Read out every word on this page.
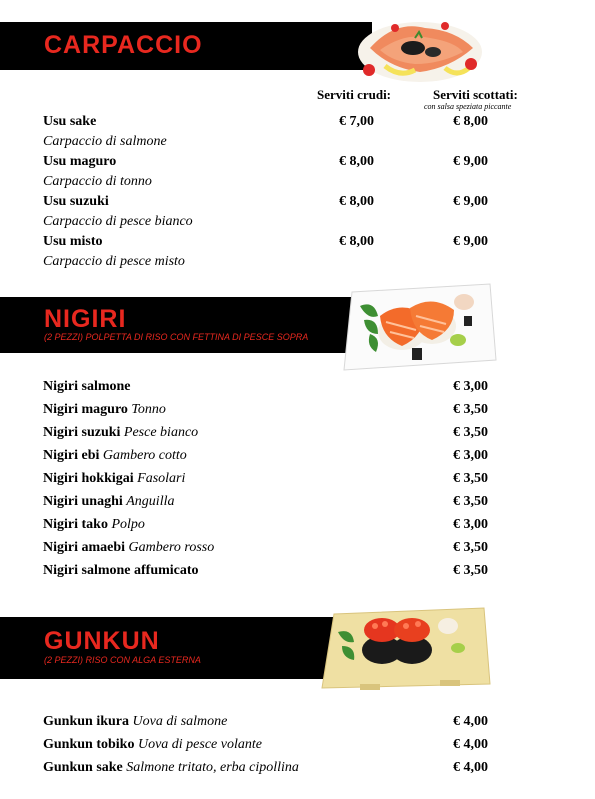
CARPACCIO
Serviti crudi:	Serviti scottati:
con salsa speziata piccante
Usu sake	€ 7,00	€ 8,00
Carpaccio di salmone
Usu maguro	€ 8,00	€ 9,00
Carpaccio di tonno
Usu suzuki	€ 8,00	€ 9,00
Carpaccio di pesce bianco
Usu misto	€ 8,00	€ 9,00
Carpaccio di pesce misto
NIGIRI
(2 PEZZI) POLPETTA DI RISO CON FETTINA DI PESCE SOPRA
Nigiri salmone	€ 3,00
Nigiri maguro Tonno	€ 3,50
Nigiri suzuki Pesce bianco	€ 3,50
Nigiri ebi Gambero cotto	€ 3,00
Nigiri hokkigai Fasolari	€ 3,50
Nigiri unaghi Anguilla	€ 3,50
Nigiri tako Polpo	€ 3,00
Nigiri amaebi Gambero rosso	€ 3,50
Nigiri salmone affumicato	€ 3,50
GUNKUN
(2 PEZZI) RISO CON ALGA ESTERNA
Gunkun ikura Uova di salmone	€ 4,00
Gunkun tobiko Uova di pesce volante	€ 4,00
Gunkun sake Salmone tritato, erba cipollina	€ 4,00
